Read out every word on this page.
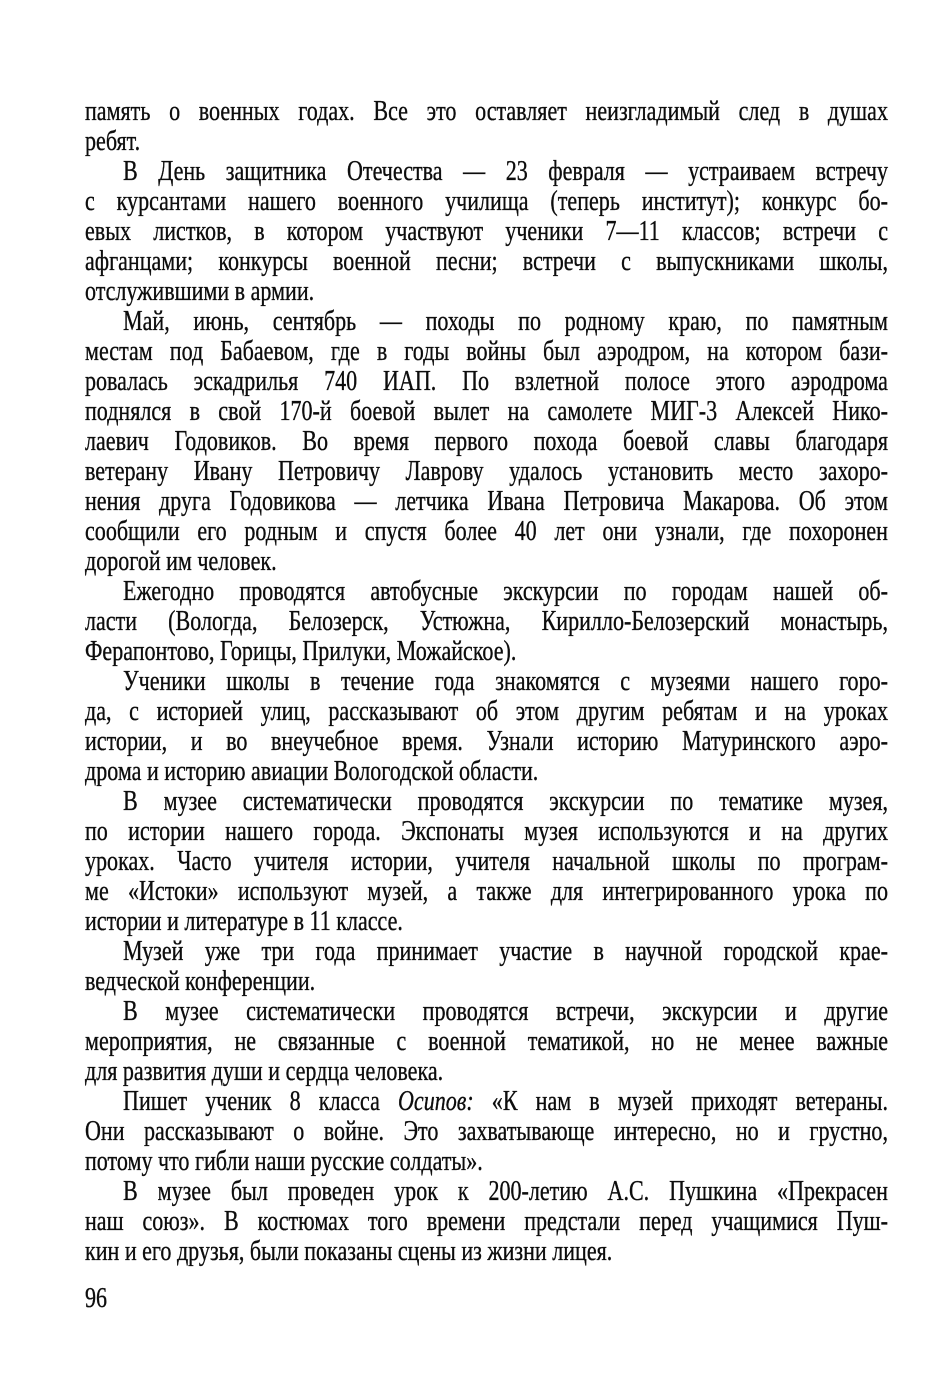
память о военных годах. Все это оставляет неизгладимый след в душах
ребят.
В День защитника Отечества — 23 февраля — устраиваем встречу
с курсантами нашего военного училища (теперь институт); конкурс бо-
евых листков, в котором участвуют ученики 7—11 классов; встречи с
афганцами; конкурсы военной песни; встречи с выпускниками школы,
отслужившими в армии.
Май, июнь, сентябрь — походы по родному краю, по памятным
местам под Бабаевом, где в годы войны был аэродром, на котором бази-
ровалась эскадрилья 740 ИАП. По взлетной полосе этого аэродрома
поднялся в свой 170-й боевой вылет на самолете МИГ-3 Алексей Нико-
лаевич Годовиков. Во время первого похода боевой славы благодаря
ветерану Ивану Петровичу Лаврову удалось установить место захоро-
нения друга Годовикова — летчика Ивана Петровича Макарова. Об этом
сообщили его родным и спустя более 40 лет они узнали, где похоронен
дорогой им человек.
Ежегодно проводятся автобусные экскурсии по городам нашей об-
ласти (Вологда, Белозерск, Устюжна, Кирилло-Белозерский монастырь,
Ферапонтово, Горицы, Прилуки, Можайское).
Ученики школы в течение года знакомятся с музеями нашего горо-
да, с историей улиц, рассказывают об этом другим ребятам и на уроках
истории, и во внеучебное время. Узнали историю Матуринского аэро-
дрома и историю авиации Вологодской области.
В музее систематически проводятся экскурсии по тематике музея,
по истории нашего города. Экспонаты музея используются и на других
уроках. Часто учителя истории, учителя начальной школы по програм-
ме «Истоки» используют музей, а также для интегрированного урока по
истории и литературе в 11 классе.
Музей уже три года принимает участие в научной городской крае-
ведческой конференции.
В музее систематически проводятся встречи, экскурсии и другие
мероприятия, не связанные с военной тематикой, но не менее важные
для развития души и сердца человека.
Пишет ученик 8 класса Осипов: «К нам в музей приходят ветераны.
Они рассказывают о войне. Это захватывающе интересно, но и грустно,
потому что гибли наши русские солдаты».
В музее был проведен урок к 200-летию А.С. Пушкина «Прекрасен
наш союз». В костюмах того времени предстали перед учащимися Пуш-
кин и его друзья, были показаны сцены из жизни лицея.
96
